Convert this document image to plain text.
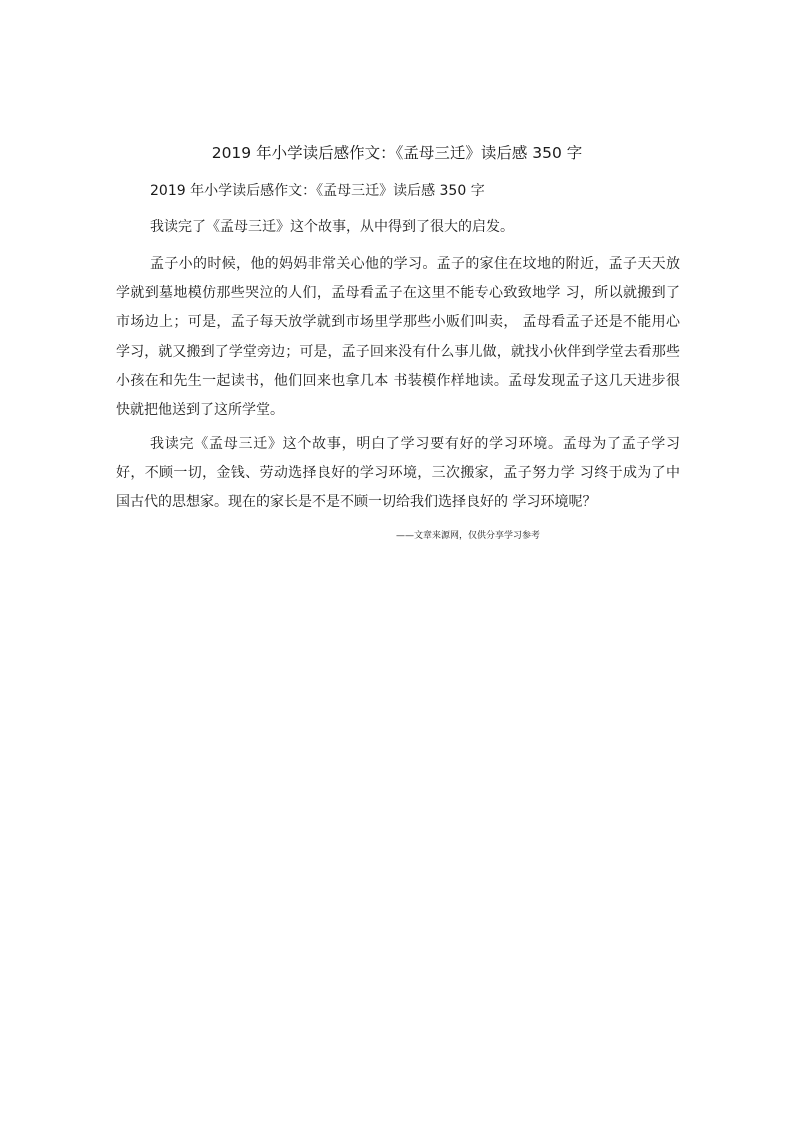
2019 年小学读后感作文：《孟母三迁》读后感 350 字
2019 年小学读后感作文：《孟母三迁》读后感 350 字
我读完了《孟母三迁》这个故事，从中得到了很大的启发。

孟子小的时候，他的妈妈非常关心他的学习。孟子的家住在坟地的附近，孟子天天放学就到墓地模仿那些哭泣的人们，孟母看孟子在这里不能专心致致地学 习，所以就搬到了市场边上；可是，孟子每天放学就到市场里学那些小贩们叫卖， 孟母看孟子还是不能用心学习，就又搬到了学堂旁边；可是，孟子回来没有什么事儿做，就找小伙伴到学堂去看那些小孩在和先生一起读书，他们回来也拿几本 书装模作样地读。孟母发现孟子这几天进步很快就把他送到了这所学堂。

我读完《孟母三迁》这个故事，明白了学习要有好的学习环境。孟母为了孟子学习好，不顾一切，金钱、劳动选择良好的学习环境，三次搬家，孟子努力学 习终于成为了中国古代的思想家。现在的家长是不是不顾一切给我们选择良好的 学习环境呢？

——文章来源网，仅供分享学习参考
